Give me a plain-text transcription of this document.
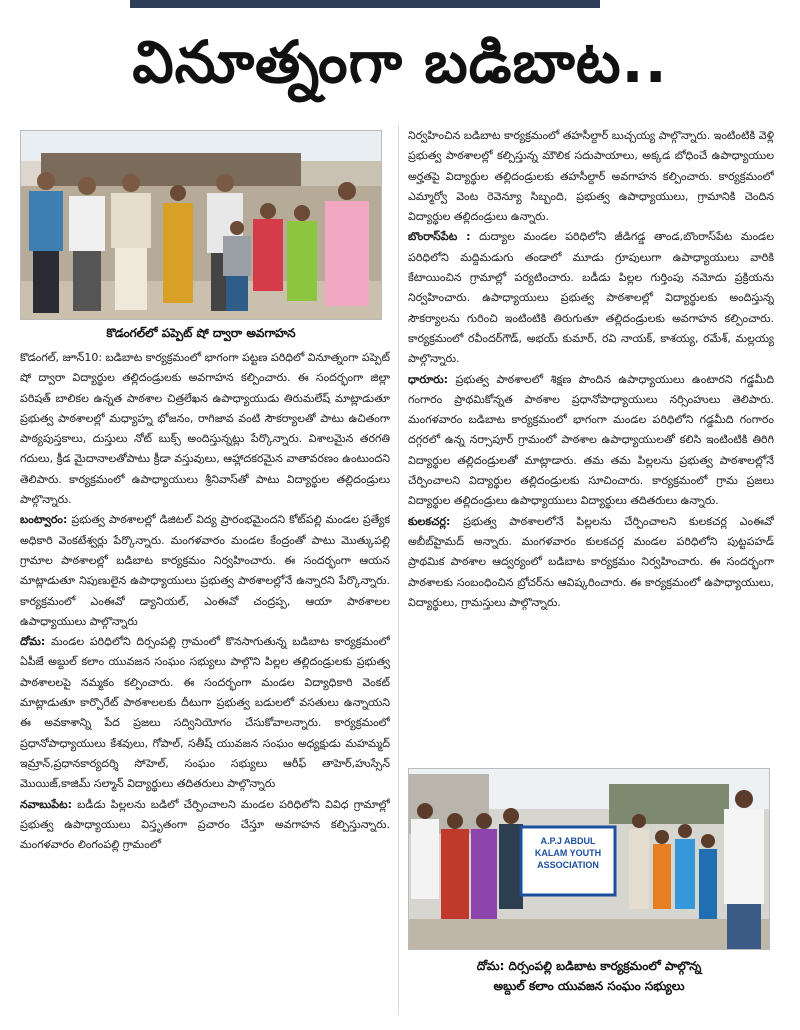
వినూత్నంగా బడిబాట..
కొడంగల్‌లో పప్పెట్‌ షో ద్వారా అవగాహన

కొడంగల్‌, జూన్‌10: బడిబాట కార్యక్రమంలో భాగంగా పట్టణ పరిధిలో వినూత్నంగా పప్పెట్‌ షో ద్వారా విద్యార్థుల తల్లిదండ్రులకు అవగాహన కల్పించారు. ఈ సందర్భంగా జిల్లా పరిషత్‌ బాలికల ఉన్నత పాఠశాల చిత్రలేఖన ఉపాధ్యాయుడు తిరుమలేష్‌ మాట్లాడుతూ ప్రభుత్వ పాఠశాలల్లో మధ్యాహ్న భోజనం, రాగిజావ వంటి సౌకర్యాలతో పాటు ఉచితంగా పాఠ్యపుస్తకాలు, దుస్తులు నోట్‌ బుక్స్‌ అందిస్తున్నట్లు పేర్కొన్నారు. విశాలమైన తరగతి గదులు, క్రీడ మైదానాలతోపాటు క్రీడా వస్తువులు, ఆహ్లాదకరమైన వాతావరణం ఉంటుందని తెలిపారు. కార్యక్రమంలో ఉపాధ్యాయులు శ్రీనివాస్‌తో పాటు విద్యార్థుల తల్లిదండ్రులు పాల్గొన్నారు.

బంట్వారం: ప్రభుత్వ పాఠశాలల్లో డిజిటల్‌ విద్య ప్రారంభమైందని కోట్‌పల్లి మండల ప్రత్యేక అధికారి వెంకటేశ్వర్లు పేర్కొన్నారు. మంగళవారం మండల కేంద్రంతో పాటు మొత్కుపల్లి గ్రామాల పాఠశాలల్లో బడిబాట కార్యక్రమం నిర్వహించారు. ఈ సందర్భంగా ఆయన మాట్లాడుతూ నిపుణులైన ఉపాధ్యాయులు ప్రభుత్వ పాఠశాలల్లోనే ఉన్నారని పేర్కొన్నారు. కార్యక్రమంలో ఎంఈవో డ్యానియల్‌, ఎంఈవో చంద్రప్ప, ఆయా పాఠశాలల ఉపాధ్యాయులు పాల్గొన్నారు

దోమ: మండల పరిధిలోని దిర్సంపల్లి గ్రామంలో కొనసాగుతున్న బడిబాట కార్యక్రమంలో ఏపీజే అబ్దుల్‌ కలాం యువజన సంఘం సభ్యులు పాల్గొని పిల్లల తల్లిదండ్రులకు ప్రభుత్వ పాఠశాలలపై నమ్మకం కల్పించారు. ఈ సందర్భంగా మండల విద్యాధికారి వెంకట్‌ మాట్లాడుతూ కార్పొరేట్‌ పాఠశాలలకు దీటుగా ప్రభుత్వ బడులలో వసతులు ఉన్నాయని ఈ అవకాశాన్ని పేద ప్రజలు సద్వినియోగం చేసుకోవాలన్నారు. కార్యక్రమంలో ప్రధానోపాధ్యాయులు కేశవులు, గోపాల్‌, సతీష్‌ యువజన సంఘం అధ్యక్షుడు మహమ్మద్‌ ఇమ్రాన్‌,ప్రధానకార్యదర్శి సోహెల్‌, సంఘం సభ్యులు ఆరీఫ్‌ తాహెర్‌,హుస్సేన్‌ మొయిజ్‌,కాజిమ్‌ సల్మాన్‌ విద్యార్థులు తదితరులు పాల్గొన్నారు

నవాబుపేట: బడీడు పిల్లలను బడిలో చేర్పించాలని మండల పరిధిలోని వివిధ గ్రామాల్లో ప్రభుత్వ ఉపాధ్యాయులు విస్తృతంగా ప్రచారం చేస్తూ అవగాహన కల్పిస్తున్నారు. మంగళవారం లింగంపల్లి గ్రామంలో

నిర్వహించిన బడిబాట కార్యక్రమంలో తహసీల్దార్‌ బుచ్చయ్య పాల్గొన్నారు. ఇంటింటికి వెళ్లి ప్రభుత్వ పాఠశాలల్లో కల్పిస్తున్న మౌలిక సదుపాయాలు, అక్కడ బోధించే ఉపాధ్యాయుల అర్హతపై విద్యార్థుల తల్లిదండ్రులకు తహసీల్దార్‌ అవగాహన కల్పించారు. కార్యక్రమంలో ఎమ్మార్వో వెంట రెవెన్యూ సిబ్బంది, ప్రభుత్వ ఉపాధ్యాయులు, గ్రామానికి చెందిన విద్యార్థుల తల్లిదండ్రులు ఉన్నారు.

బొంరాస్‌పేట : దుద్యాల మండల పరిధిలోని జీడిగడ్డ తాండ,బొంరాస్‌పేట మండల పరిధిలోని మద్దిమడుగు తండాలో మూడు గ్రూపులుగా ఉపాధ్యాయులు వారికి కేటాయించిన గ్రామాల్లో పర్యటించారు. బడీడు పిల్లల గుర్తింపు నమోదు ప్రక్రియను నిర్వహించారు. ఉపాధ్యాయులు ప్రభుత్వ పాఠశాలల్లో విద్యార్థులకు అందిస్తున్న సౌకర్యాలను గురించి ఇంటింటికి తిరుగుతూ తల్లిదండ్రులకు అవగాహన కల్పించారు. కార్యక్రమంలో రవీందర్‌గౌడ్‌, అభయ్‌ కుమార్‌, రవి నాయక్‌, కాశయ్య, రమేశ్‌, మల్లయ్య పాల్గొన్నారు.

ధారూరు: ప్రభుత్వ పాఠశాలలో శిక్షణ పొందిన ఉపాధ్యాయులు ఉంటారని గడ్డమీది గంగారం ప్రాథమికోన్నత పాఠశాల ప్రధానోపాధ్యాయులు నర్సింహులు తెలిపారు. మంగళవారం బడిబాట కార్యక్రమంలో భాగంగా మండల పరిధిలోని గడ్డమీది గంగారం దగ్గరలో ఉన్న నర్సాపూర్‌ గ్రామంలో పాఠశాల ఉపాధ్యాయులతో కలిసి ఇంటింటికి తిరిగి విద్యార్థుల తల్లిదండ్రులతో మాట్లాడారు. తమ తమ పిల్లలను ప్రభుత్వ పాఠశాలల్లోనే చేర్పించాలని విద్యార్థుల తల్లిదండ్రులకు సూచించారు. కార్యక్రమంలో గ్రామ ప్రజలు విద్యార్థుల తల్లిదండ్రులు ఉపాధ్యాయులు విద్యార్థులు తదితరులు ఉన్నారు.

కులకచర్ల: ప్రభుత్వ పాఠశాలలోనే పిల్లలను చేర్పించాలని కులకచర్ల ఎంఈవో అబీబ్‌హైమద్‌ అన్నారు. మంగళవారం కులకచర్ల మండల పరిధిలోని పుట్టపహడ్‌ ప్రాథమిక పాఠశాల ఆద్వర్యంలో బడిబాట కార్యక్రమం నిర్వహించారు. ఈ సందర్భంగా పాఠశాలకు సంబంధించిన బ్రోచర్‌ను ఆవిష్కరించారు. ఈ కార్యక్రమంలో ఉపాధ్యాయులు, విద్యార్థులు, గ్రామస్తులు పాల్గొన్నారు.

A.P.J ABDUL KALAM YOUTH ASSOCIATION
దోమ: దిర్సంపల్లి బడిబాట కార్యక్రమంలో పాల్గొన్న
అబ్దుల్ కలాం యువజన సంఘం సభ్యులు
